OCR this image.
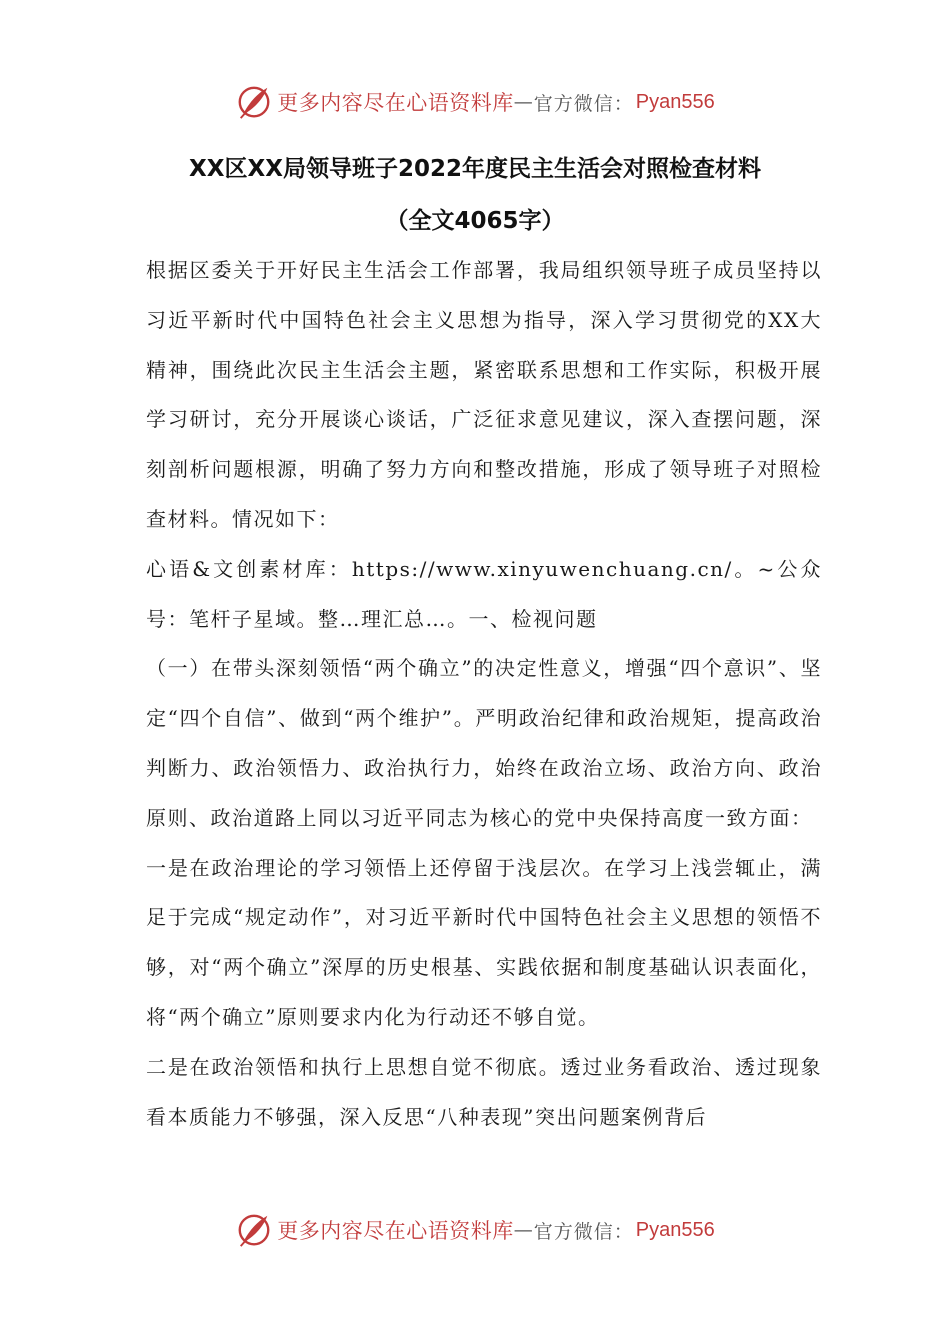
更多内容尽在心语资料库 — 官方微信： Pyan556
XX区XX局领导班子2022年度民主生活会对照检查材料
（全文4065字）

根据区委关于开好民主生活会工作部署，我局组织领导班子成员坚持以习近平新时代中国特色社会主义思想为指导，深入学习贯彻党的XX大精神，围绕此次民主生活会主题，紧密联系思想和工作实际，积极开展学习研讨，充分开展谈心谈话，广泛征求意见建议，深入查摆问题，深刻剖析问题根源，明确了努力方向和整改措施，形成了领导班子对照检查材料。情况如下：

心语&文创素材库：https://www.xinyuwenchuang.cn/。~公众号：笔杆子星域。整…理汇总…。一、检视问题

（一）在带头深刻领悟“两个确立”的决定性意义，增强“四个意识”、坚定“四个自信”、做到“两个维护”。严明政治纪律和政治规矩，提高政治判断力、政治领悟力、政治执行力，始终在政治立场、政治方向、政治原则、政治道路上同以习近平同志为核心的党中央保持高度一致方面：

一是在政治理论的学习领悟上还停留于浅层次。在学习上浅尝辄止，满足于完成“规定动作”，对习近平新时代中国特色社会主义思想的领悟不够，对“两个确立”深厚的历史根基、实践依据和制度基础认识表面化，将“两个确立”原则要求内化为行动还不够自觉。

二是在政治领悟和执行上思想自觉不彻底。透过业务看政治、透过现象看本质能力不够强，深入反思“八种表现”突出问题案例背后

更多内容尽在心语资料库 — 官方微信： Pyan556
